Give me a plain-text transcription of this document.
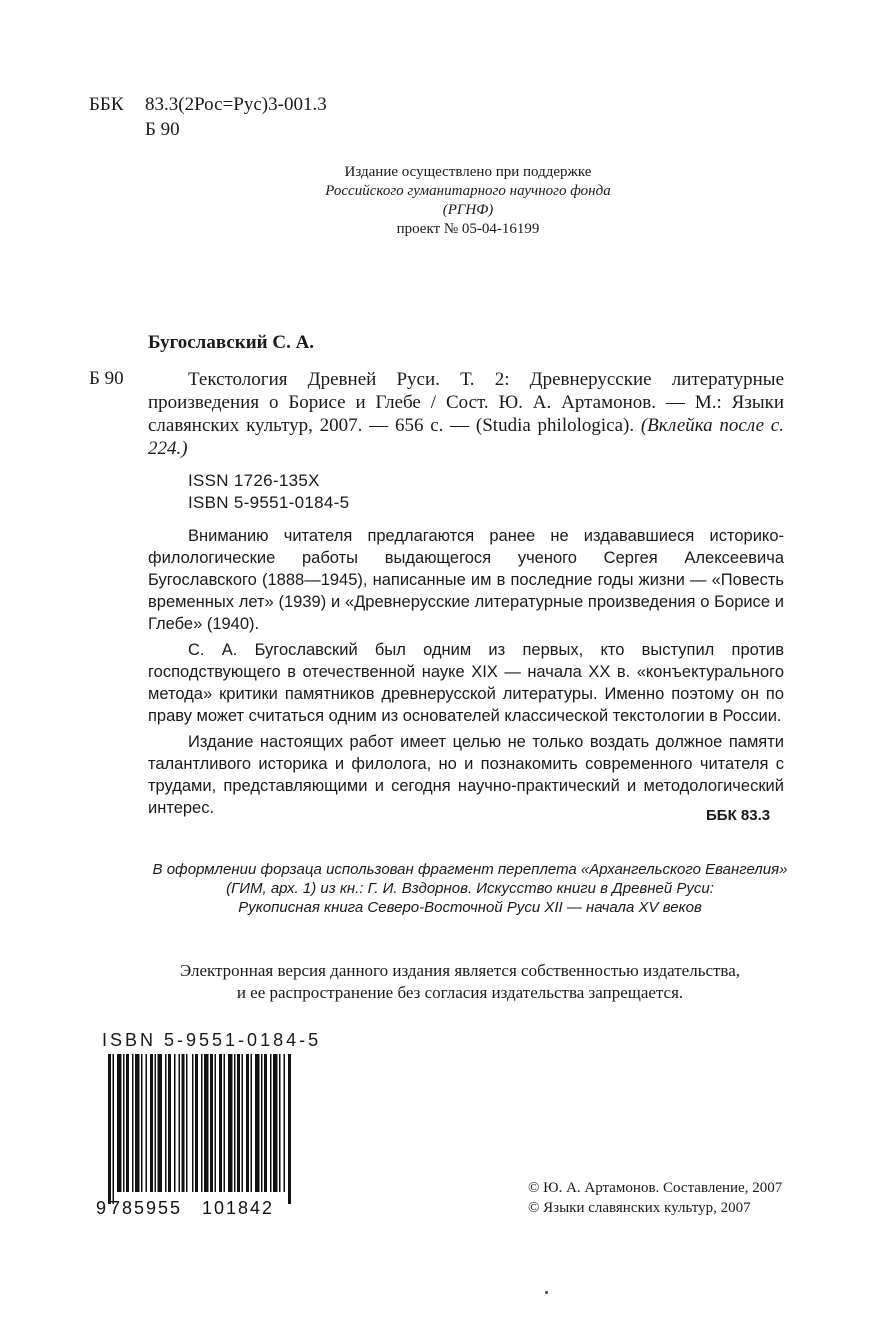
ББК 83.3(2Рос=Рус)3-001.3
Б 90
Издание осуществлено при поддержке
Российского гуманитарного научного фонда
(РГНФ)
проект № 05-04-16199
Бугославский С. А.
Б 90	Текстология Древней Руси. Т. 2: Древнерусские литературные произведения о Борисе и Глебе / Сост. Ю. А. Артамонов. — М.: Языки славянских культур, 2007. — 656 с. — (Studia philologica). (Вклейка после с. 224.)
ISSN 1726-135X
ISBN 5-9551-0184-5

Вниманию читателя предлагаются ранее не издававшиеся историко-филологические работы выдающегося ученого Сергея Алексеевича Бугославского (1888—1945), написанные им в последние годы жизни — «Повесть временных лет» (1939) и «Древнерусские литературные произведения о Борисе и Глебе» (1940).

С. А. Бугославский был одним из первых, кто выступил против господствующего в отечественной науке XIX — начала XX в. «конъектурального метода» критики памятников древнерусской литературы. Именно поэтому он по праву может считаться одним из основателей классической текстологии в России.

Издание настоящих работ имеет целью не только воздать должное памяти талантливого историка и филолога, но и познакомить современного читателя с трудами, представляющими и сегодня научно-практический и методологический интерес.	ББК 83.3
В оформлении форзаца использован фрагмент переплета «Архангельского Евангелия»
(ГИМ, арх. 1) из кн.: Г. И. Вздорнов. Искусство книги в Древней Руси:
Рукописная книга Северо-Восточной Руси XII — начала XV веков
Электронная версия данного издания является собственностью издательства,
и ее распространение без согласия издательства запрещается.
ISBN 5-9551-0184-5
9 785955 101842
© Ю. А. Артамонов. Составление, 2007
© Языки славянских культур, 2007
